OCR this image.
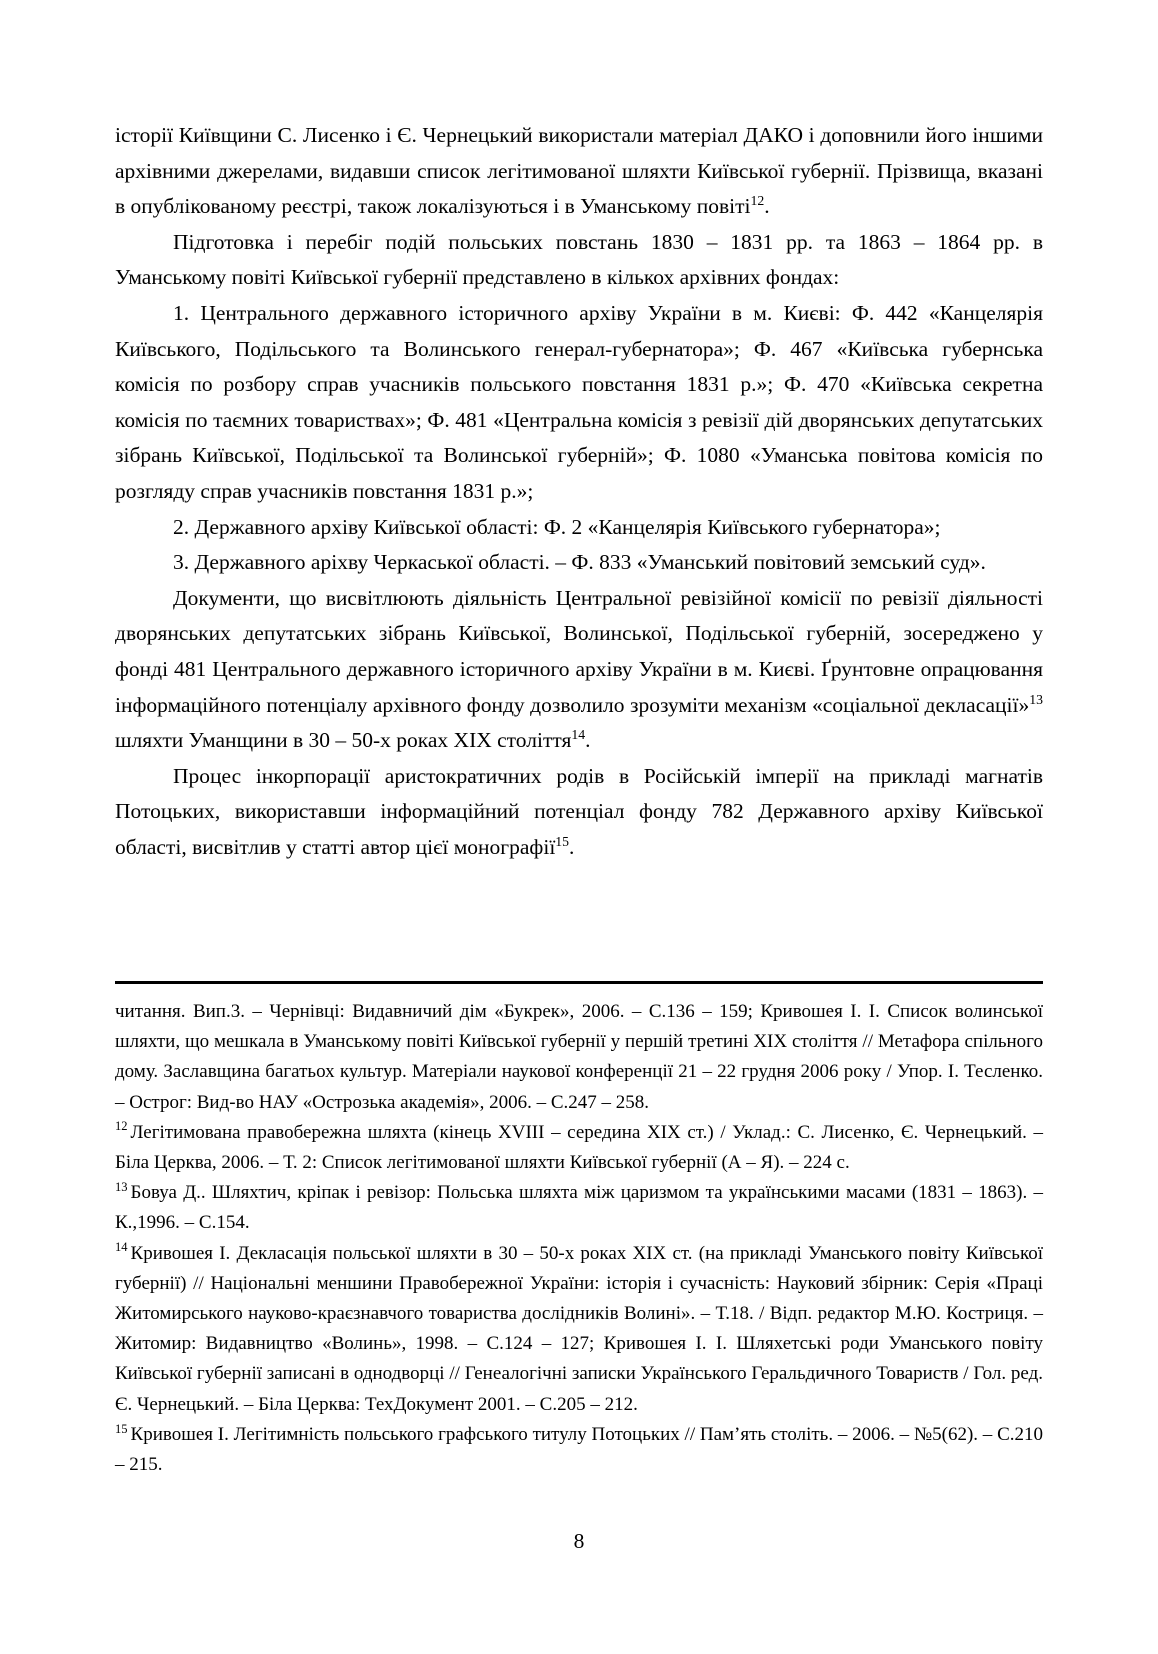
історії Київщини С. Лисенко і Є. Чернецький використали матеріал ДАКО і доповнили його іншими архівними джерелами, видавши список легітимованої шляхти Київської губернії. Прізвища, вказані в опублікованому реєстрі, також локалізуються і в Уманському повіті$^{12}$.

Підготовка і перебіг подій польських повстань 1830 – 1831 рр. та 1863 – 1864 рр. в Уманському повіті Київської губернії представлено в кількох архівних фондах:

1. Центрального державного історичного архіву України в м. Києві: Ф. 442 «Канцелярія Київського, Подільського та Волинського генерал-губернатора»; Ф. 467 «Київська губернська комісія по розбору справ учасників польського повстання 1831 р.»; Ф. 470 «Київська секретна комісія по таємних товариствах»; Ф. 481 «Центральна комісія з ревізії дій дворянських депутатських зібрань Київської, Подільської та Волинської губерній»; Ф. 1080 «Уманська повітова комісія по розгляду справ учасників повстання 1831 р.»;

2. Державного архіву Київської області: Ф. 2 «Канцелярія Київського губернатора»;

3. Державного аріхву Черкаської області. – Ф. 833 «Уманський повітовий земський суд».

Документи, що висвітлюють діяльність Центральної ревізійної комісії по ревізії діяльності дворянських депутатських зібрань Київської, Волинської, Подільської губерній, зосереджено у фонді 481 Центрального державного історичного архіву України в м. Києві. Ґрунтовне опрацювання інформаційного потенціалу архівного фонду дозволило зрозуміти механізм «соціальної декласації»$^{13}$ шляхти Уманщини в 30 – 50-х роках XIX століття$^{14}$.

Процес інкорпорації аристократичних родів в Російській імперії на прикладі магнатів Потоцьких, використавши інформаційний потенціал фонду 782 Державного архіву Київської області, висвітлив у статті автор цієї монографії$^{15}$.

читання. Вип.3. – Чернівці: Видавничий дім «Букрек», 2006. – С.136 – 159; Кривошея І. І. Список волинської шляхти, що мешкала в Уманському повіті Київської губернії у першій третині XIX століття // Метафора спільного дому. Заславщина багатьох культур. Матеріали наукової конференції 21 – 22 грудня 2006 року / Упор. І. Тесленко. – Острог: Вид-во НАУ «Острозька академія», 2006. – С.247 – 258.

$^{12}$ Легітимована правобережна шляхта (кінець XVIII – середина XIX ст.) / Уклад.: С. Лисенко, Є. Чернецький. – Біла Церква, 2006. – Т. 2: Список легітимованої шляхти Київської губернії (А – Я). – 224 с.

$^{13}$ Бовуа Д.. Шляхтич, кріпак і ревізор: Польська шляхта між царизмом та українськими масами (1831 – 1863). – К.,1996. – С.154.

$^{14}$ Кривошея І. Декласація польської шляхти в 30 – 50-х роках XIX ст. (на прикладі Уманського повіту Київської губернії) // Національні меншини Правобережної України: історія і сучасність: Науковий збірник: Серія «Праці Житомирського науково-краєзнавчого товариства дослідників Волині». – Т.18. / Відп. редактор М.Ю. Костриця. – Житомир: Видавництво «Волинь», 1998. – С.124 – 127; Кривошея І. І. Шляхетські роди Уманського повіту Київської губернії записані в однодворці // Генеалогічні записки Українського Геральдичного Товариств / Гол. ред. Є. Чернецький. – Біла Церква: ТехДокумент 2001. – С.205 – 212.

$^{15}$ Кривошея І. Легітимність польського графського титулу Потоцьких // Пам’ять століть. – 2006. – №5(62). – С.210 – 215.

8
